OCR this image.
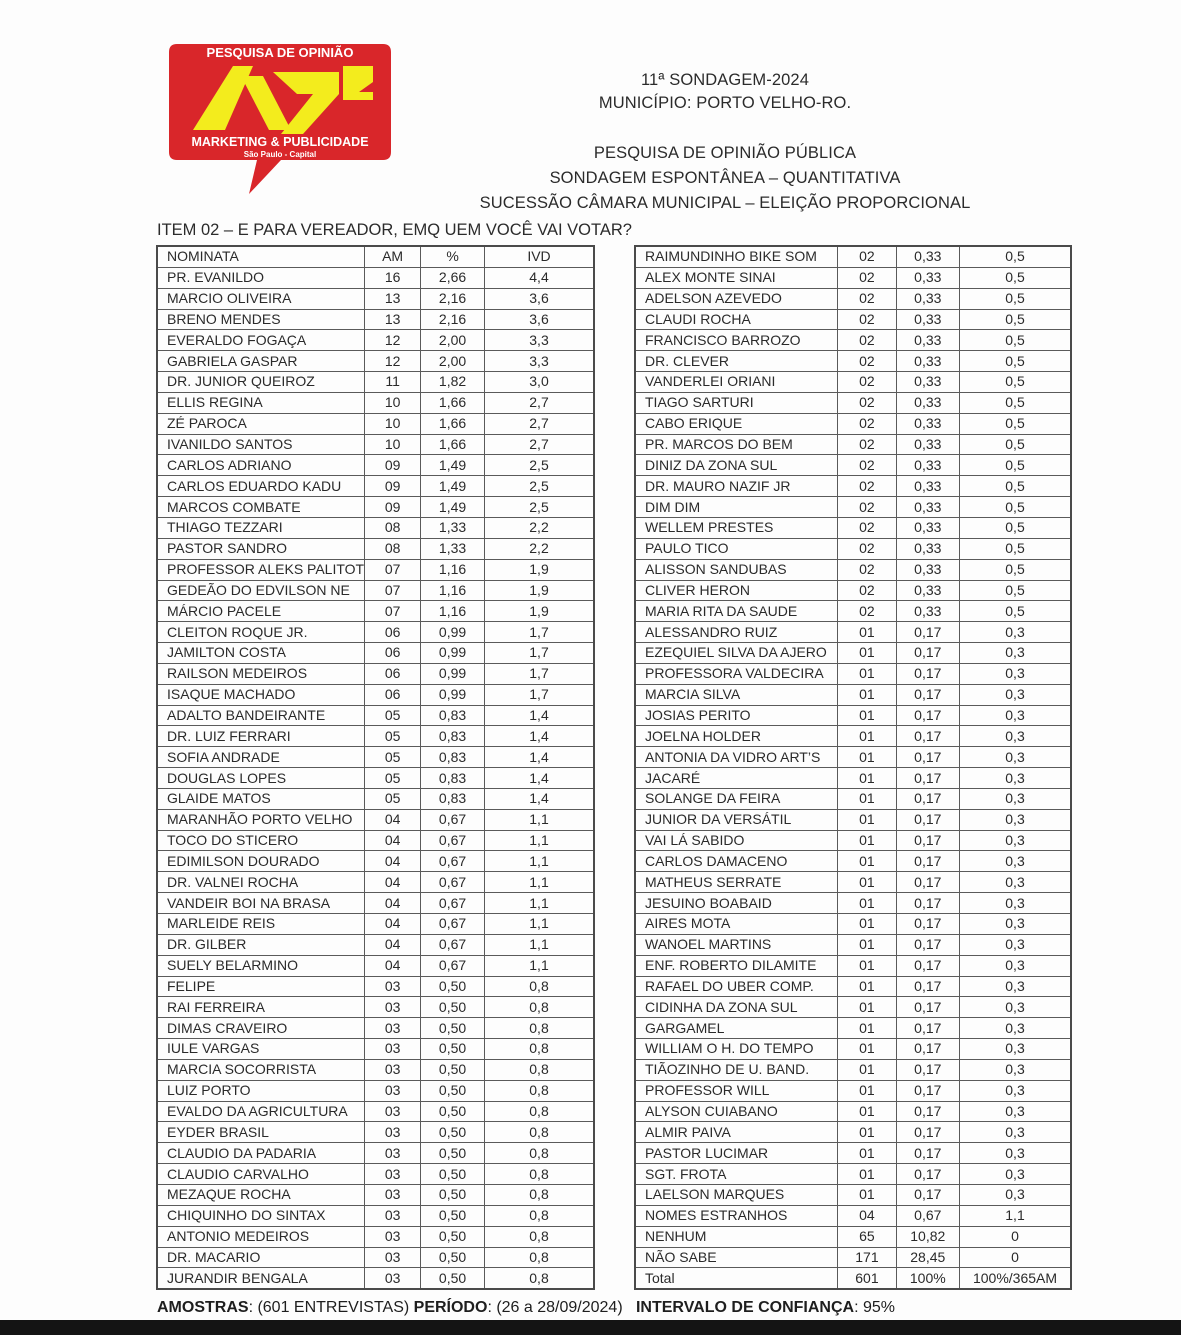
PESQUISA DE OPINIÃO
MARKETING & PUBLICIDADE
São Paulo - Capital
11ª SONDAGEM-2024
MUNICÍPIO: PORTO VELHO-RO.
PESQUISA DE OPINIÃO PÚBLICA
SONDAGEM ESPONTÂNEA – QUANTITATIVA
SUCESSÃO CÂMARA MUNICIPAL – ELEIÇÃO PROPORCIONAL
ITEM 02 – E PARA VEREADOR, EMQ UEM VOCÊ VAI VOTAR?
NOMINATA	AM	%	IVD
PR. EVANILDO	16	2,66	4,4
MARCIO OLIVEIRA	13	2,16	3,6
BRENO MENDES	13	2,16	3,6
EVERALDO FOGAÇA	12	2,00	3,3
GABRIELA GASPAR	12	2,00	3,3
DR. JUNIOR QUEIROZ	11	1,82	3,0
ELLIS REGINA	10	1,66	2,7
ZÉ PAROCA	10	1,66	2,7
IVANILDO SANTOS	10	1,66	2,7
CARLOS ADRIANO	09	1,49	2,5
CARLOS EDUARDO KADU	09	1,49	2,5
MARCOS COMBATE	09	1,49	2,5
THIAGO TEZZARI	08	1,33	2,2
PASTOR SANDRO	08	1,33	2,2
PROFESSOR ALEKS PALITOT	07	1,16	1,9
GEDEÃO DO EDVILSON NE	07	1,16	1,9
MÁRCIO PACELE	07	1,16	1,9
CLEITON ROQUE JR.	06	0,99	1,7
JAMILTON COSTA	06	0,99	1,7
RAILSON MEDEIROS	06	0,99	1,7
ISAQUE MACHADO	06	0,99	1,7
ADALTO BANDEIRANTE	05	0,83	1,4
DR. LUIZ FERRARI	05	0,83	1,4
SOFIA ANDRADE	05	0,83	1,4
DOUGLAS LOPES	05	0,83	1,4
GLAIDE MATOS	05	0,83	1,4
MARANHÃO PORTO VELHO	04	0,67	1,1
TOCO DO STICERO	04	0,67	1,1
EDIMILSON DOURADO	04	0,67	1,1
DR. VALNEI ROCHA	04	0,67	1,1
VANDEIR BOI NA BRASA	04	0,67	1,1
MARLEIDE REIS	04	0,67	1,1
DR. GILBER	04	0,67	1,1
SUELY BELARMINO	04	0,67	1,1
FELIPE	03	0,50	0,8
RAI FERREIRA	03	0,50	0,8
DIMAS CRAVEIRO	03	0,50	0,8
IULE VARGAS	03	0,50	0,8
MARCIA SOCORRISTA	03	0,50	0,8
LUIZ PORTO	03	0,50	0,8
EVALDO DA AGRICULTURA	03	0,50	0,8
EYDER BRASIL	03	0,50	0,8
CLAUDIO DA PADARIA	03	0,50	0,8
CLAUDIO CARVALHO	03	0,50	0,8
MEZAQUE ROCHA	03	0,50	0,8
CHIQUINHO DO SINTAX	03	0,50	0,8
ANTONIO MEDEIROS	03	0,50	0,8
DR. MACARIO	03	0,50	0,8
JURANDIR BENGALA	03	0,50	0,8
RAIMUNDINHO BIKE SOM	02	0,33	0,5
ALEX MONTE SINAI	02	0,33	0,5
ADELSON AZEVEDO	02	0,33	0,5
CLAUDI ROCHA	02	0,33	0,5
FRANCISCO BARROZO	02	0,33	0,5
DR. CLEVER	02	0,33	0,5
VANDERLEI ORIANI	02	0,33	0,5
TIAGO SARTURI	02	0,33	0,5
CABO ERIQUE	02	0,33	0,5
PR. MARCOS DO BEM	02	0,33	0,5
DINIZ DA ZONA SUL	02	0,33	0,5
DR. MAURO NAZIF JR	02	0,33	0,5
DIM DIM	02	0,33	0,5
WELLEM PRESTES	02	0,33	0,5
PAULO TICO	02	0,33	0,5
ALISSON SANDUBAS	02	0,33	0,5
CLIVER HERON	02	0,33	0,5
MARIA RITA DA SAUDE	02	0,33	0,5
ALESSANDRO RUIZ	01	0,17	0,3
EZEQUIEL SILVA DA AJERO	01	0,17	0,3
PROFESSORA VALDECIRA	01	0,17	0,3
MARCIA SILVA	01	0,17	0,3
JOSIAS PERITO	01	0,17	0,3
JOELNA HOLDER	01	0,17	0,3
ANTONIA DA VIDRO ART’S	01	0,17	0,3
JACARÉ	01	0,17	0,3
SOLANGE DA FEIRA	01	0,17	0,3
JUNIOR DA VERSÁTIL	01	0,17	0,3
VAI LÁ SABIDO	01	0,17	0,3
CARLOS DAMACENO	01	0,17	0,3
MATHEUS SERRATE	01	0,17	0,3
JESUINO BOABAID	01	0,17	0,3
AIRES MOTA	01	0,17	0,3
WANOEL MARTINS	01	0,17	0,3
ENF. ROBERTO DILAMITE	01	0,17	0,3
RAFAEL DO UBER COMP.	01	0,17	0,3
CIDINHA DA ZONA SUL	01	0,17	0,3
GARGAMEL	01	0,17	0,3
WILLIAM O H. DO TEMPO	01	0,17	0,3
TIÃOZINHO DE U. BAND.	01	0,17	0,3
PROFESSOR WILL	01	0,17	0,3
ALYSON CUIABANO	01	0,17	0,3
ALMIR PAIVA	01	0,17	0,3
PASTOR LUCIMAR	01	0,17	0,3
SGT. FROTA	01	0,17	0,3
LAELSON MARQUES	01	0,17	0,3
NOMES ESTRANHOS	04	0,67	1,1
NENHUM	65	10,82	0
NÃO SABE	171	28,45	0
Total	601	100%	100%/365AM
AMOSTRAS: (601 ENTREVISTAS) PERÍODO: (26 a 28/09/2024)   INTERVALO DE CONFIANÇA: 95%
